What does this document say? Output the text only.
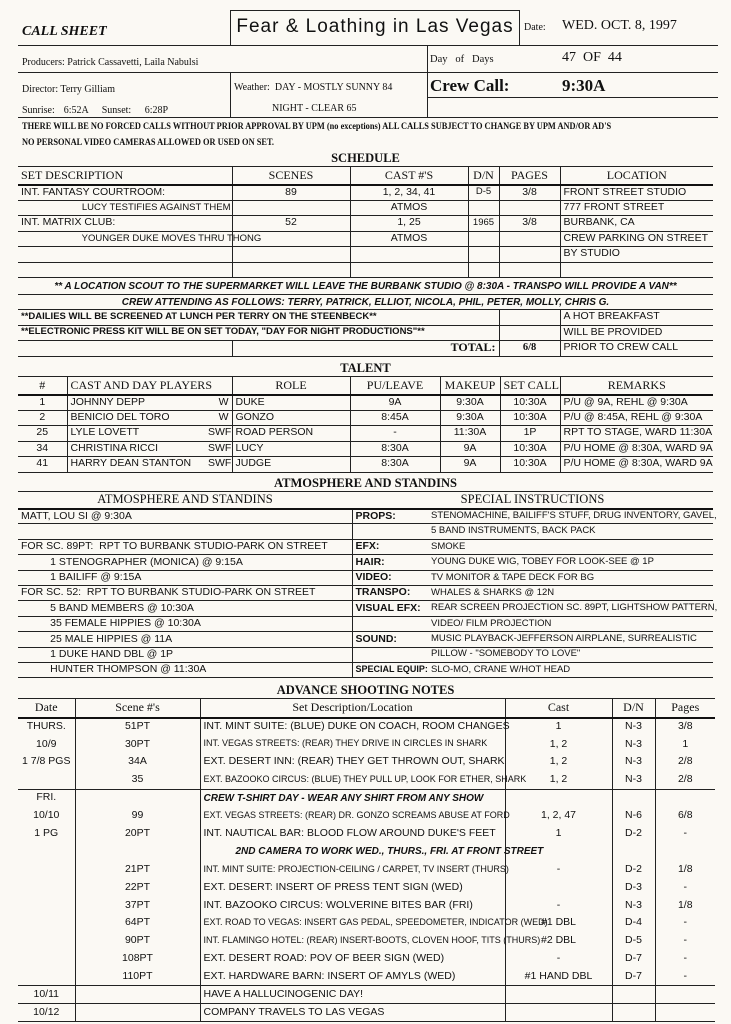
CALL SHEET	Fear & Loathing in Las Vegas	Date: WED. OCT. 8, 1997
Producers: Patrick Cassavetti, Laila Nabulsi	Day   of   Days	47  OF  44
Director: Terry Gilliam	Weather: DAY - MOSTLY SUNNY 84
NIGHT - CLEAR 65
Crew Call:	9:30A
Sunrise: 6:52A Sunset: 6:28P
THERE WILL BE NO FORCED CALLS WITHOUT PRIOR APPROVAL BY UPM (no exceptions) ALL CALLS SUBJECT TO CHANGE BY UPM AND/OR AD'S
NO PERSONAL VIDEO CAMERAS ALLOWED OR USED ON SET.
SCHEDULE
SET DESCRIPTION	SCENES	CAST #'S	D/N	PAGES	LOCATION
INT. FANTASY COURTROOM:	89	1, 2, 34, 41	D-5	3/8	FRONT STREET STUDIO
LUCY TESTIFIES AGAINST THEM		ATMOS			777 FRONT STREET
INT. MATRIX CLUB:	52	1, 25	1965	3/8	BURBANK, CA
YOUNGER DUKE MOVES THRU THONG		ATMOS			CREW PARKING ON STREET
					BY STUDIO

** A LOCATION SCOUT TO THE SUPERMARKET WILL LEAVE THE BURBANK STUDIO @ 8:30A - TRANSPO WILL PROVIDE A VAN**
CREW ATTENDING AS FOLLOWS: TERRY, PATRICK, ELLIOT, NICOLA, PHIL, PETER, MOLLY, CHRIS G.
**DAILIES WILL BE SCREENED AT LUNCH PER TERRY ON THE STEENBECK**				A HOT BREAKFAST
**ELECTRONIC PRESS KIT WILL BE ON SET TODAY, "DAY FOR NIGHT PRODUCTIONS"**				WILL BE PROVIDED
		TOTAL:	6/8	PRIOR TO CREW CALL
TALENT
#	CAST AND DAY PLAYERS		ROLE	PU/LEAVE	MAKEUP	SET CALL	REMARKS
1	JOHNNY DEPP	W	DUKE	9A	9:30A	10:30A	P/U @ 9A, REHL @ 9:30A
2	BENICIO DEL TORO	W	GONZO	8:45A	9:30A	10:30A	P/U @ 8:45A, REHL @ 9:30A
25	LYLE LOVETT	SWF	ROAD PERSON	-	11:30A	1P	RPT TO STAGE, WARD 11:30A
34	CHRISTINA RICCI	SWF	LUCY	8:30A	9A	10:30A	P/U HOME @ 8:30A, WARD 9A
41	HARRY DEAN STANTON	SWF	JUDGE	8:30A	9A	10:30A	P/U HOME @ 8:30A, WARD 9A
ATMOSPHERE AND STANDINS
ATMOSPHERE AND STANDINS	SPECIAL INSTRUCTIONS	
MATT, LOU SI @ 9:30A	PROPS:	STENOMACHINE, BAILIFF'S STUFF, DRUG INVENTORY, GAVEL,
		5 BAND INSTRUMENTS, BACK PACK
FOR SC. 89PT:  RPT TO BURBANK STUDIO-PARK ON STREET	EFX:	SMOKE
1 STENOGRAPHER (MONICA) @ 9:15A	HAIR:	YOUNG DUKE WIG, TOBEY FOR LOOK-SEE @ 1P
1 BAILIFF @ 9:15A	VIDEO:	TV MONITOR & TAPE DECK FOR BG
FOR SC. 52:  RPT TO BURBANK STUDIO-PARK ON STREET	TRANSPO:	WHALES & SHARKS @ 12N
5 BAND MEMBERS @ 10:30A	VISUAL EFX:	REAR SCREEN PROJECTION SC. 89PT, LIGHTSHOW PATTERN,
35 FEMALE HIPPIES @ 10:30A		VIDEO/ FILM PROJECTION
25 MALE HIPPIES @ 11A	SOUND:	MUSIC PLAYBACK-JEFFERSON AIRPLANE, SURREALISTIC
1 DUKE HAND DBL @ 1P		PILLOW - "SOMEBODY TO LOVE"
HUNTER THOMPSON @ 11:30A	SPECIAL EQUIP:	SLO-MO, CRANE W/HOT HEAD
ADVANCE SHOOTING NOTES
Date	Scene #'s	Set Description/Location	Cast	D/N	Pages
THURS.	51PT	INT. MINT SUITE: (BLUE) DUKE ON COACH, ROOM CHANGES	1	N-3	3/8
10/9	30PT	INT. VEGAS STREETS: (REAR) THEY DRIVE IN CIRCLES IN SHARK	1, 2	N-3	1
1 7/8 PGS	34A	EXT. DESERT INN: (REAR) THEY GET THROWN OUT, SHARK	1, 2	N-3	2/8
	35	EXT. BAZOOKO CIRCUS: (BLUE) THEY PULL UP, LOOK FOR ETHER, SHARK	1, 2	N-3	2/8
FRI.		CREW T-SHIRT DAY - WEAR ANY SHIRT FROM ANY SHOW			
10/10	99	EXT. VEGAS STREETS: (REAR) DR. GONZO SCREAMS ABUSE AT FORD	1, 2, 47	N-6	6/8
1 PG	20PT	INT. NAUTICAL BAR: BLOOD FLOW AROUND DUKE'S FEET	1	D-2	-
		2ND CAMERA TO WORK WED., THURS., FRI. AT FRONT STREET			
	21PT	INT. MINT SUITE: PROJECTION-CEILING / CARPET, TV INSERT (THURS)	-	D-2	1/8
	22PT	EXT. DESERT: INSERT OF PRESS TENT SIGN (WED)		D-3	-
	37PT	INT. BAZOOKO CIRCUS: WOLVERINE BITES BAR (FRI)	-	N-3	1/8
	64PT	EXT. ROAD TO VEGAS: INSERT GAS PEDAL, SPEEDOMETER, INDICATOR (WED)	#1 DBL	D-4	-
	90PT	INT. FLAMINGO HOTEL: (REAR) INSERT-BOOTS, CLOVEN HOOF, TITS (THURS)	#2 DBL	D-5	-
	108PT	EXT. DESERT ROAD: POV OF BEER SIGN (WED)	-	D-7	-
	110PT	EXT. HARDWARE BARN: INSERT OF AMYLS (WED)	#1 HAND DBL	D-7	-
10/11		HAVE A HALLUCINOGENIC DAY!			
10/12		COMPANY TRAVELS TO LAS VEGAS			
